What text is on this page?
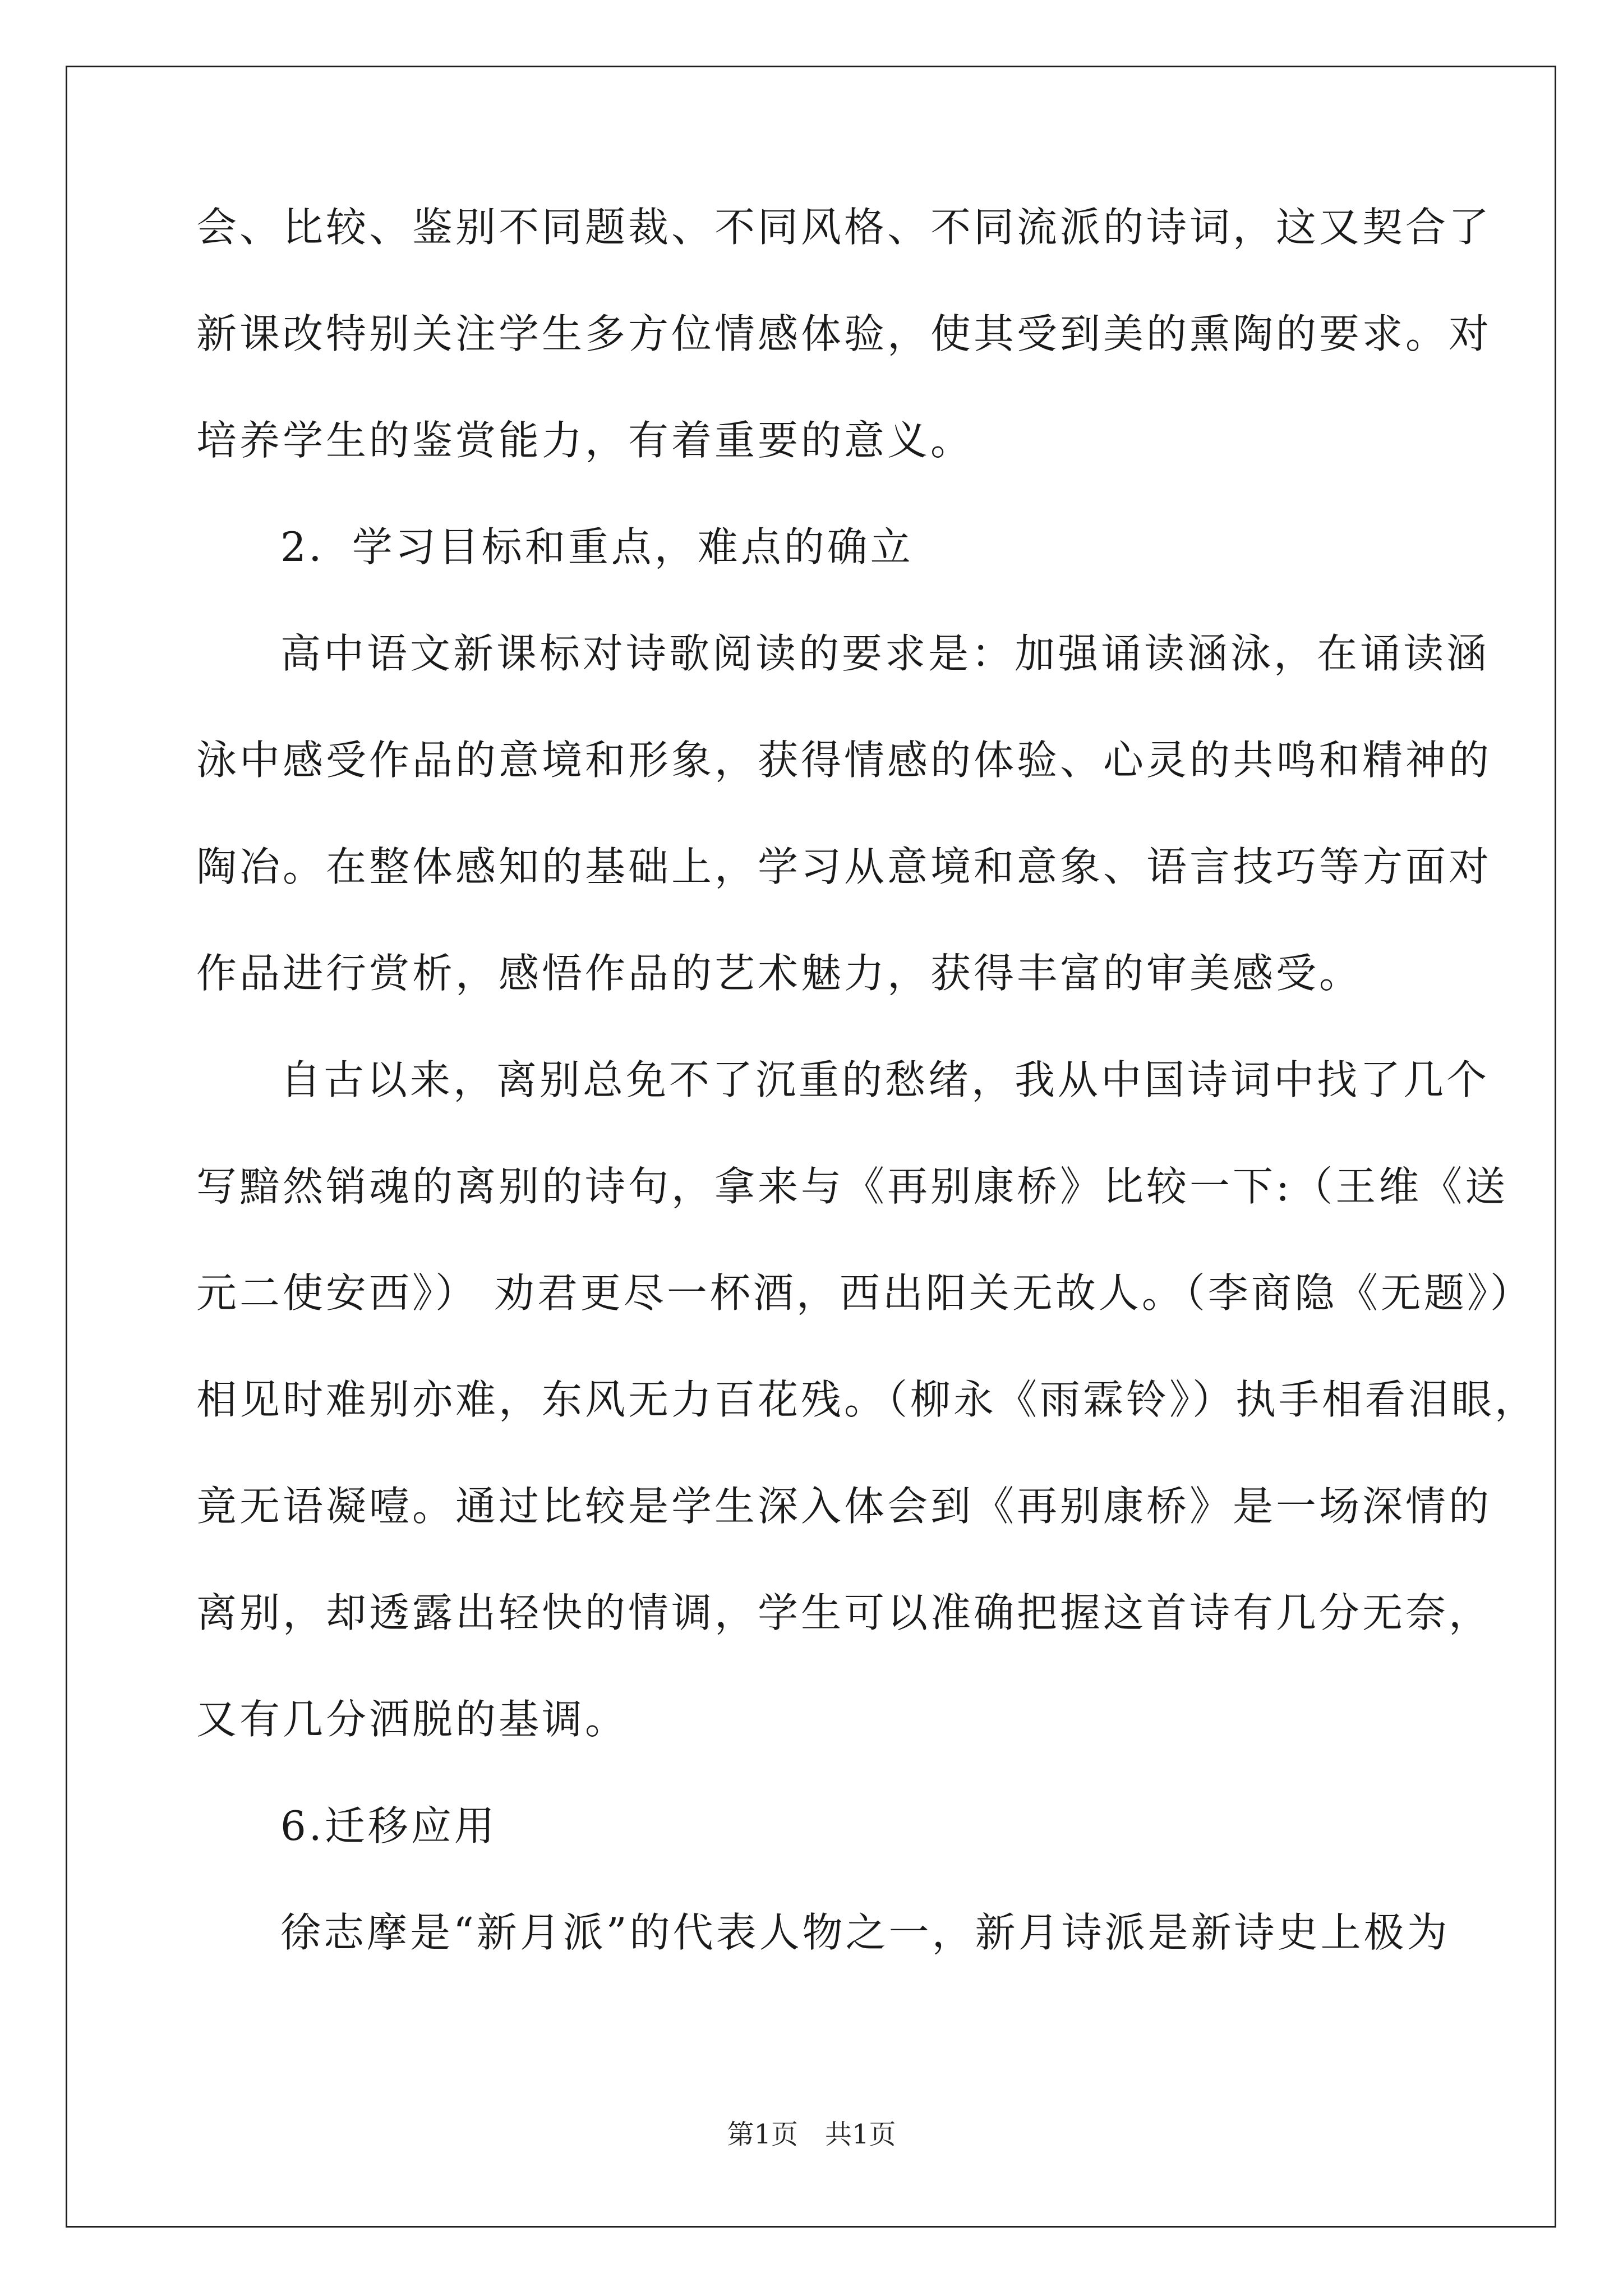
会、比较、鉴别不同题裁、不同风格、不同流派的诗词，这又契合了
新课改特别关注学生多方位情感体验，使其受到美的熏陶的要求。对
培养学生的鉴赏能力，有着重要的意义。
2．学习目标和重点，难点的确立
高中语文新课标对诗歌阅读的要求是：加强诵读涵泳，在诵读涵
泳中感受作品的意境和形象，获得情感的体验、心灵的共鸣和精神的
陶冶。在整体感知的基础上，学习从意境和意象、语言技巧等方面对
作品进行赏析，感悟作品的艺术魅力，获得丰富的审美感受。
自古以来，离别总免不了沉重的愁绪，我从中国诗词中找了几个
写黯然销魂的离别的诗句，拿来与《再别康桥》比较一下:（王维《送
元二使安西》） 劝君更尽一杯酒，西出阳关无故人。（李商隐《无题》）
相见时难别亦难，东风无力百花残。（柳永《雨霖铃》）执手相看泪眼，
竟无语凝噎。通过比较是学生深入体会到《再别康桥》是一场深情的
离别，却透露出轻快的情调，学生可以准确把握这首诗有几分无奈，
又有几分洒脱的基调。
6.迁移应用
徐志摩是“新月派”的代表人物之一，新月诗派是新诗史上极为
第1页　共1页
